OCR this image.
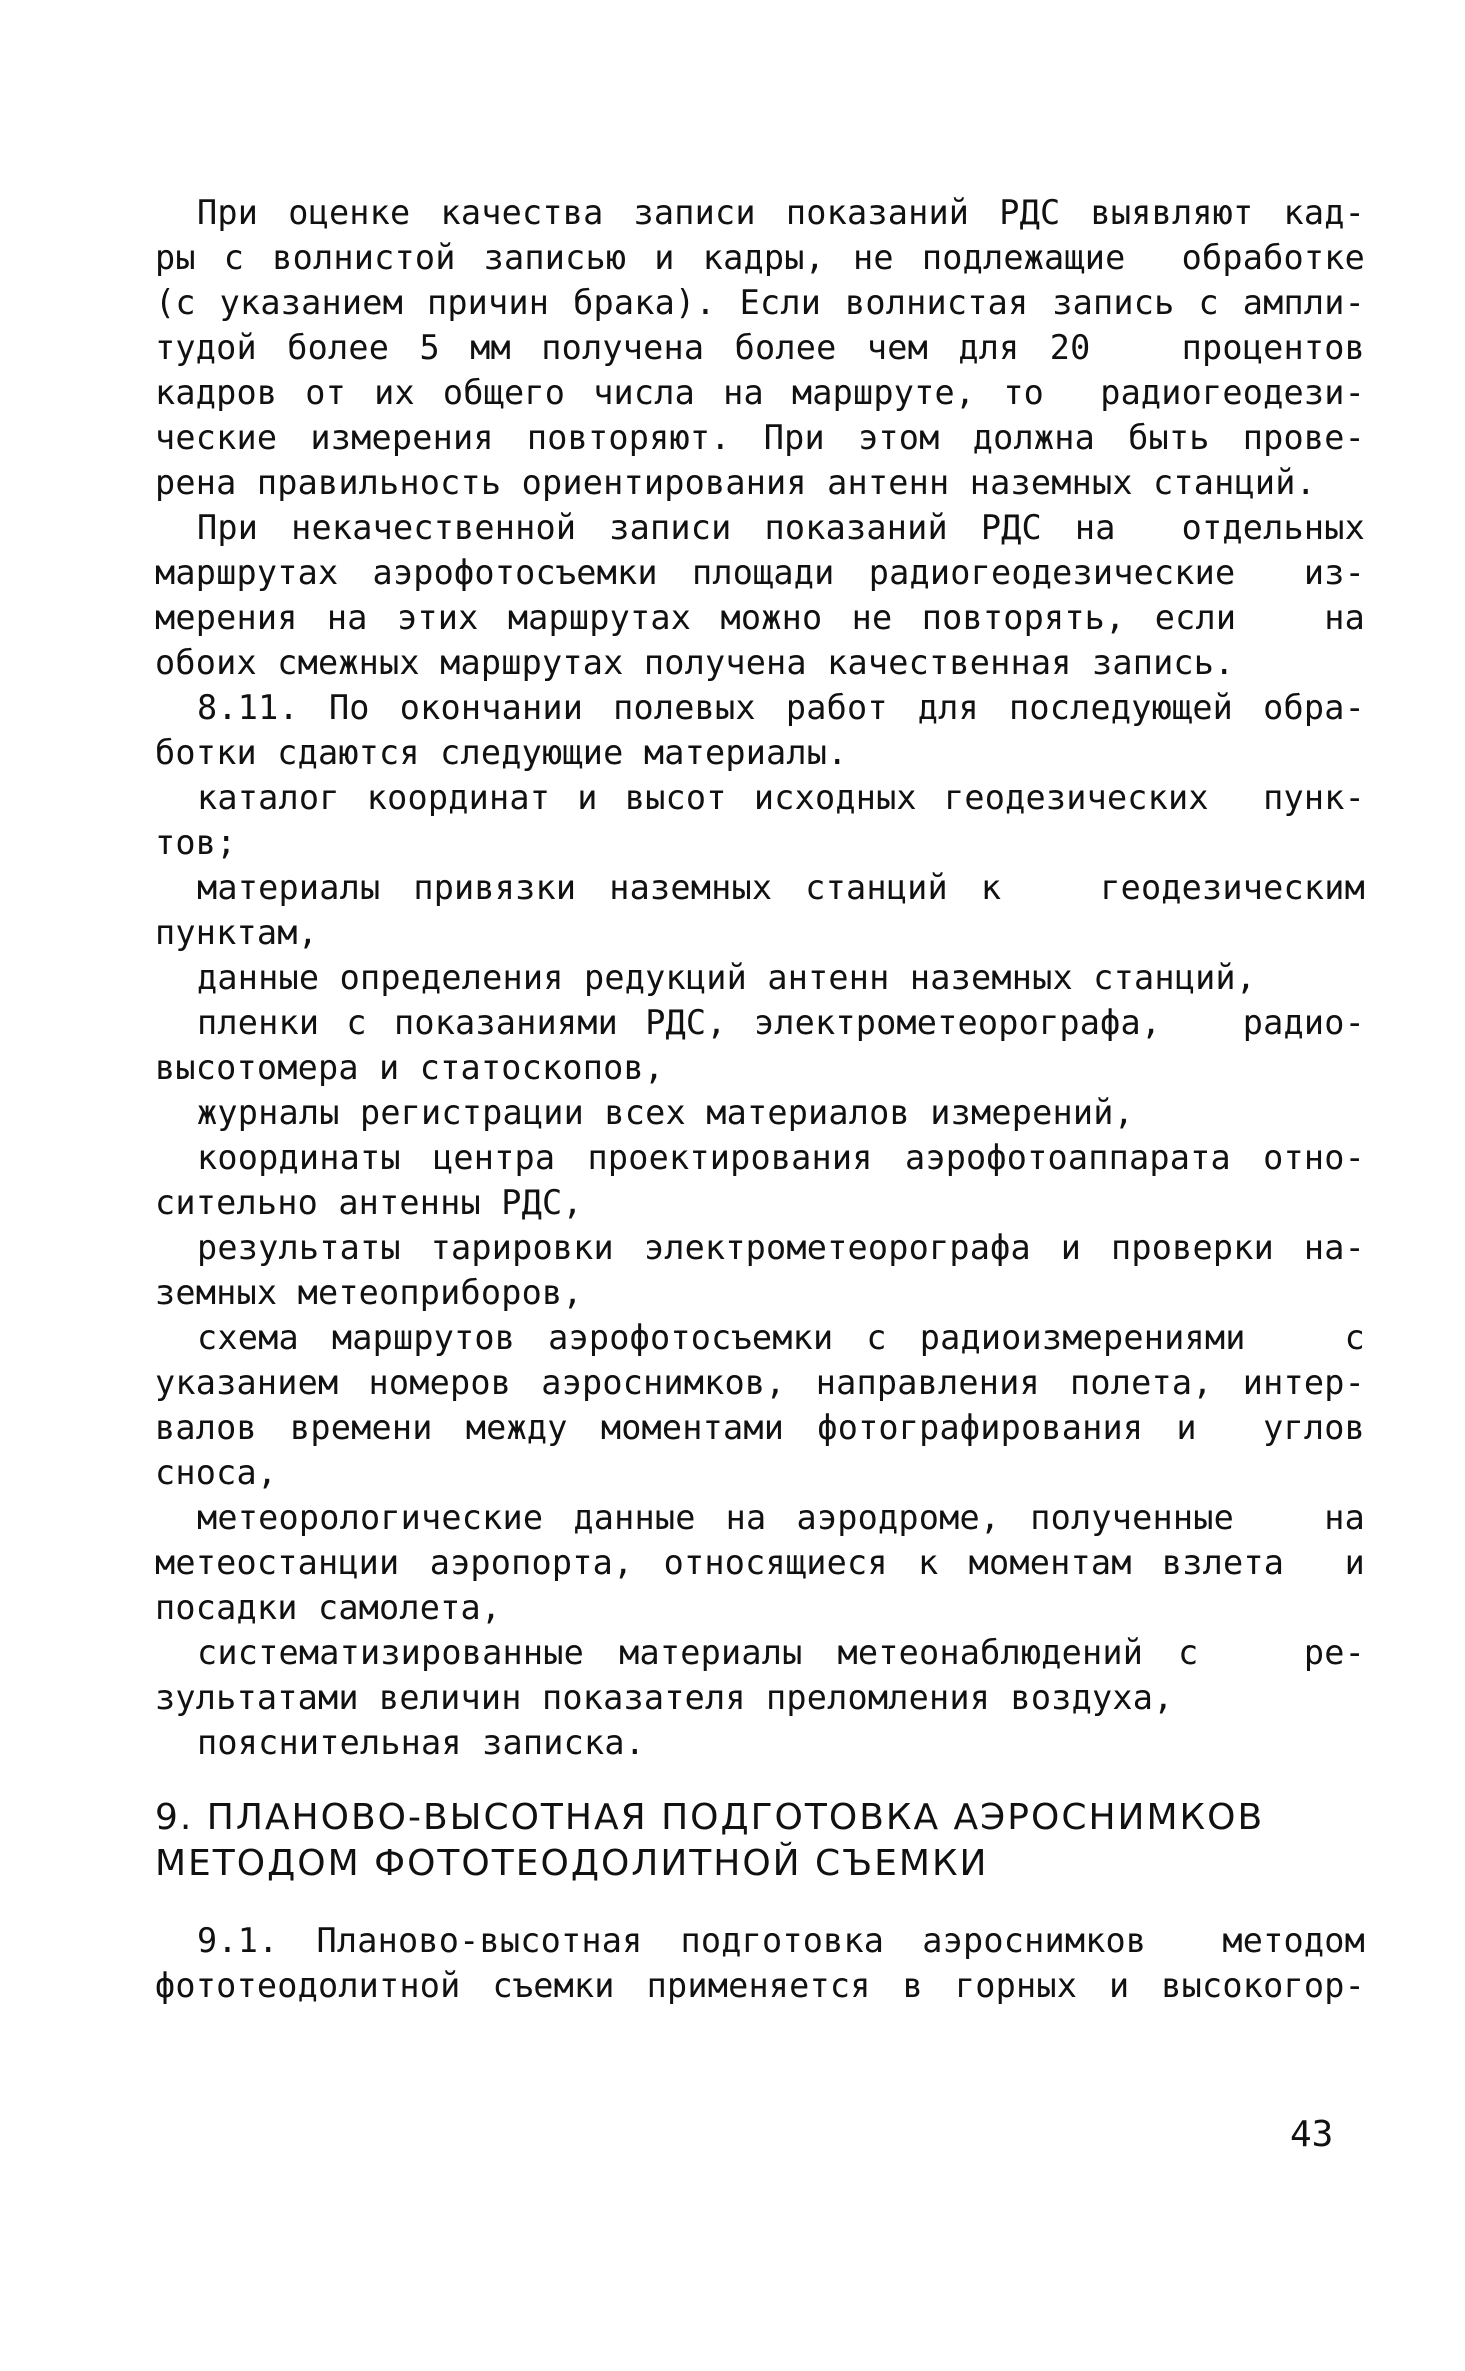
При оценке качества записи показаний РДС выявляют кад-
ры с волнистой записью и кадры, не подлежащие  обработке
(с указанием причин брака). Если волнистая запись с ампли-
тудой более 5 мм получена более чем для 20   процентов
кадров от их общего числа на маршруте, то  радиогеодези-
ческие измерения повторяют. При этом должна быть прове-
рена правильность ориентирования антенн наземных станций.
При некачественной записи показаний РДС на  отдельных
маршрутах аэрофотосъемки площади радиогеодезические  из-
мерения на этих маршрутах можно не повторять, если   на
обоих смежных маршрутах получена качественная запись.
8.11. По окончании полевых работ для последующей обра-
ботки сдаются следующие материалы.
каталог координат и высот исходных геодезических  пунк-
тов;
материалы привязки наземных станций к   геодезическим
пунктам,
данные определения редукций антенн наземных станций,
пленки с показаниями РДС, электрометеорографа,   радио-
высотомера и статоскопов,
журналы регистрации всех материалов измерений,
координаты центра проектирования аэрофотоаппарата отно-
сительно антенны РДС,
результаты тарировки электрометеорографа и проверки на-
земных метеоприборов,
схема маршрутов аэрофотосъемки с радиоизмерениями   с
указанием номеров аэроснимков, направления полета, интер-
валов времени между моментами фотографирования и  углов
сноса,
метеорологические данные на аэродроме, полученные   на
метеостанции аэропорта, относящиеся к моментам взлета  и
посадки самолета,
систематизированные материалы метеонаблюдений с   ре-
зультатами величин показателя преломления воздуха,
пояснительная записка.
9. ПЛАНОВО-ВЫСОТНАЯ ПОДГОТОВКА АЭРОСНИМКОВ
МЕТОДОМ ФОТОТЕОДОЛИТНОЙ СЪЕМКИ
9.1. Планово-высотная подготовка аэроснимков  методом
фототеодолитной съемки применяется в горных и высокогор-
43
